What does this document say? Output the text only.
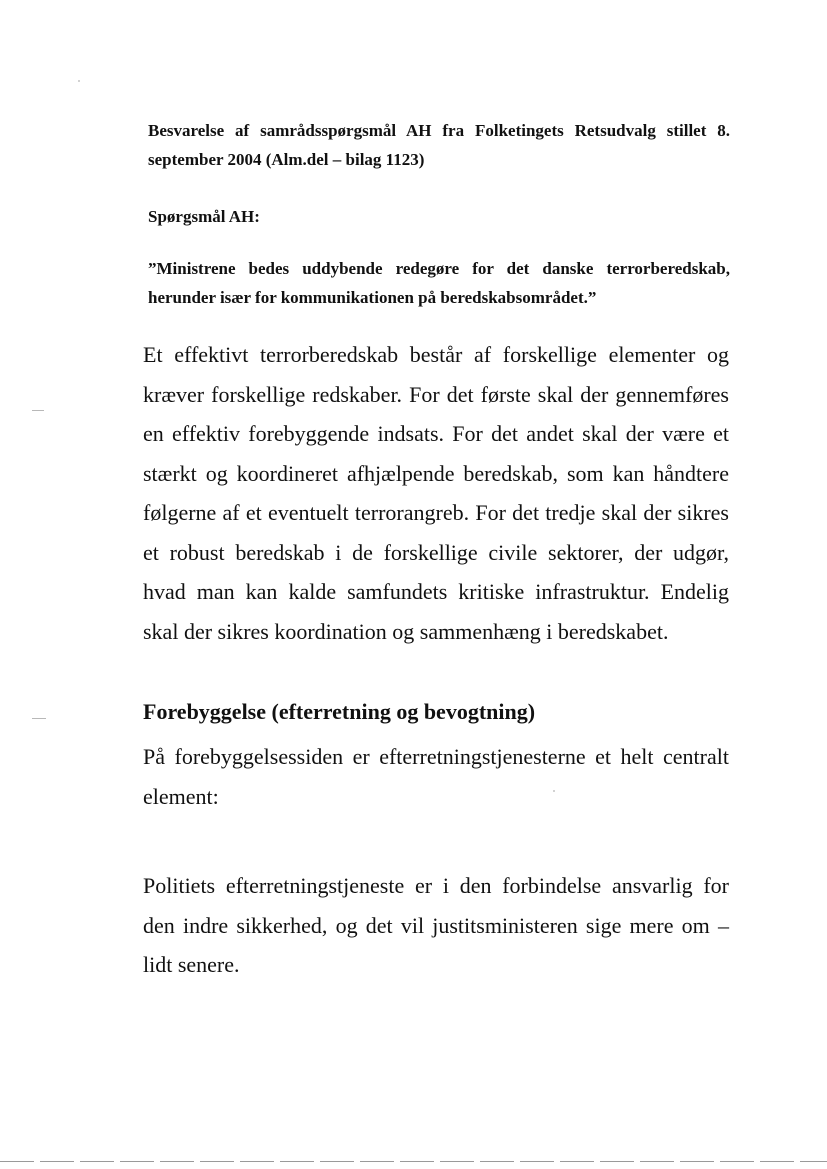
Besvarelse af samrådsspørgsmål AH fra Folketingets Retsudvalg stillet 8. september 2004 (Alm.del – bilag 1123)
Spørgsmål AH:
”Ministrene bedes uddybende redegøre for det danske terrorberedskab, herunder især for kommunikationen på beredskabsområdet.”
Et effektivt terrorberedskab består af forskellige elementer og kræver forskellige redskaber. For det første skal der gennemføres en effektiv forebyggende indsats. For det andet skal der være et stærkt og koordineret afhjælpende beredskab, som kan håndtere følgerne af et eventuelt terrorangreb. For det tredje skal der sikres et robust beredskab i de forskellige civile sektorer, der udgør, hvad man kan kalde samfundets kritiske infrastruktur. Endelig skal der sikres koordination og sammenhæng i beredskabet.
Forebyggelse (efterretning og bevogtning)
På forebyggelsessiden er efterretningstjenesterne et helt centralt element:
Politiets efterretningstjeneste er i den forbindelse ansvarlig for den indre sikkerhed, og det vil justitsministeren sige mere om – lidt senere.
